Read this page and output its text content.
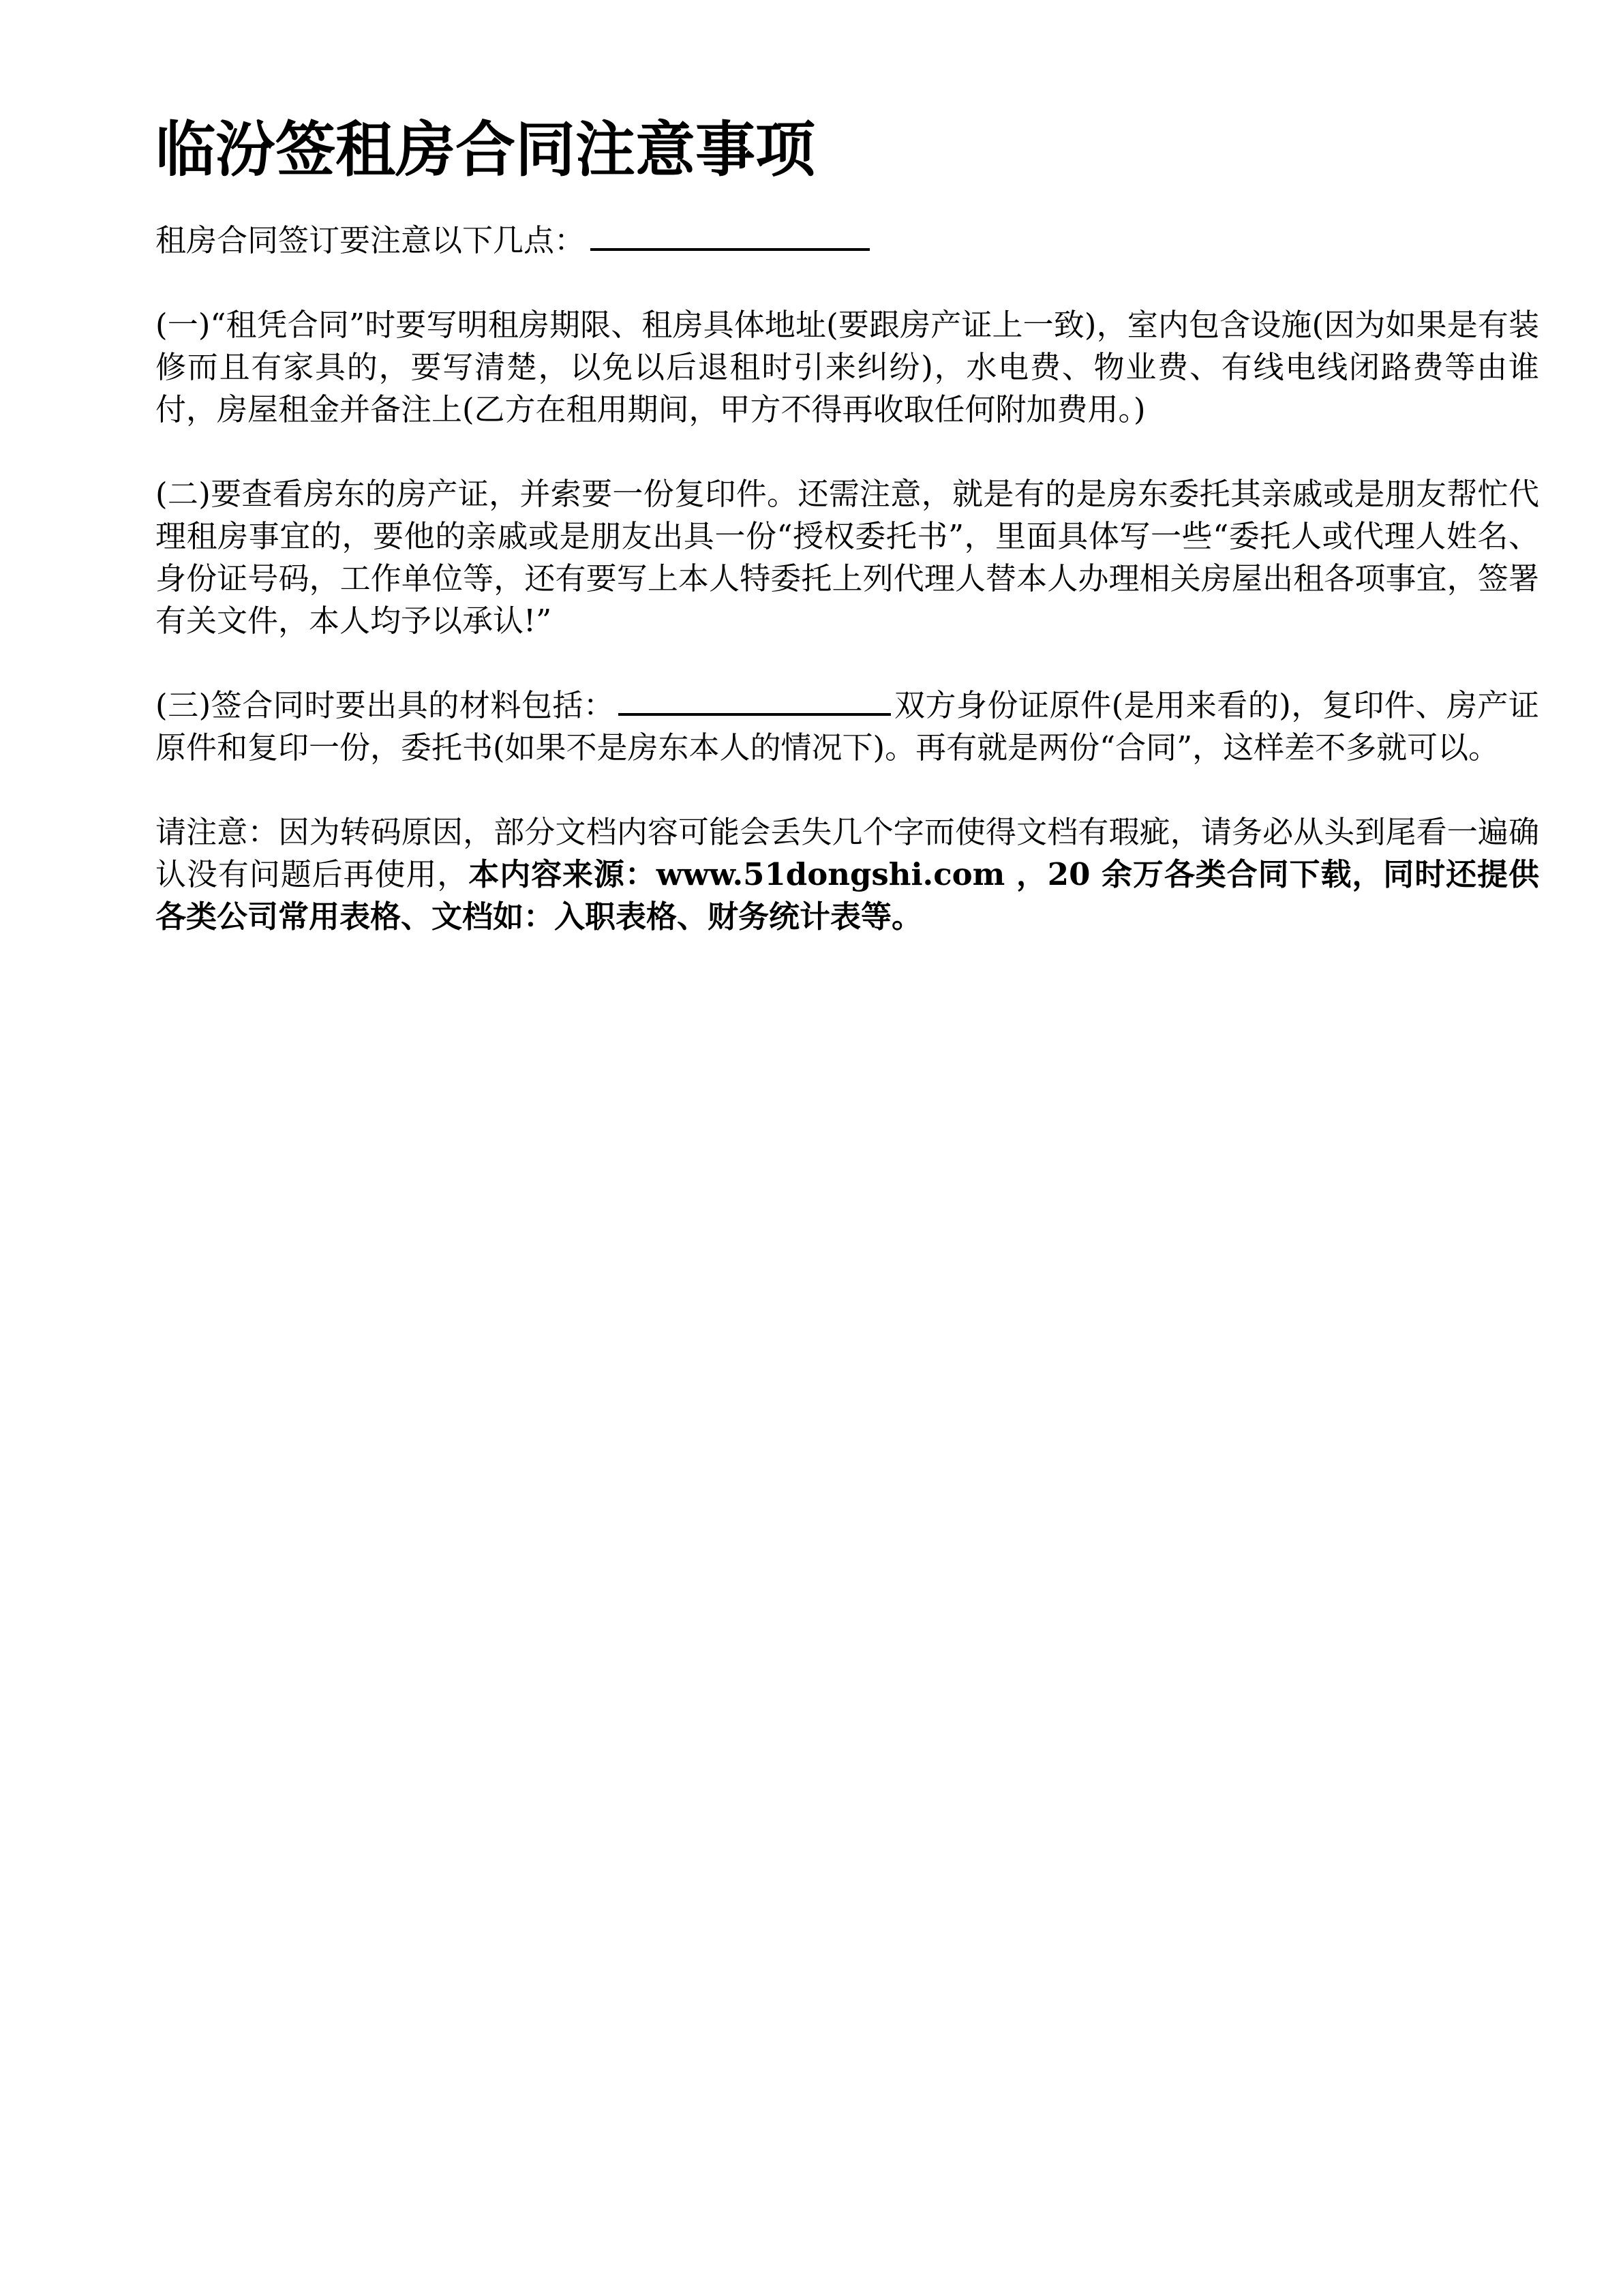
临汾签租房合同注意事项

租房合同签订要注意以下几点：

(一)“租凭合同”时要写明租房期限、租房具体地址(要跟房产证上一致)，室内包含设施(因为如果是有装修而且有家具的，要写清楚，以免以后退租时引来纠纷)，水电费、物业费、有线电线闭路费等由谁付，房屋租金并备注上(乙方在租用期间，甲方不得再收取任何附加费用。)

(二)要查看房东的房产证，并索要一份复印件。还需注意，就是有的是房东委托其亲戚或是朋友帮忙代理租房事宜的，要他的亲戚或是朋友出具一份“授权委托书”，里面具体写一些“委托人或代理人姓名、身份证号码，工作单位等，还有要写上本人特委托上列代理人替本人办理相关房屋出租各项事宜，签署有关文件，本人均予以承认!”

(三)签合同时要出具的材料包括：	双方身份证原件(是用来看的)，复印件、房产证原件和复印一份，委托书(如果不是房东本人的情况下)。再有就是两份“合同”，这样差不多就可以。

请注意：因为转码原因，部分文档内容可能会丢失几个字而使得文档有瑕疵，请务必从头到尾看一遍确认没有问题后再使用，本内容来源：www.51dongshi.com ，20 余万各类合同下载，同时还提供各类公司常用表格、文档如：入职表格、财务统计表等。
